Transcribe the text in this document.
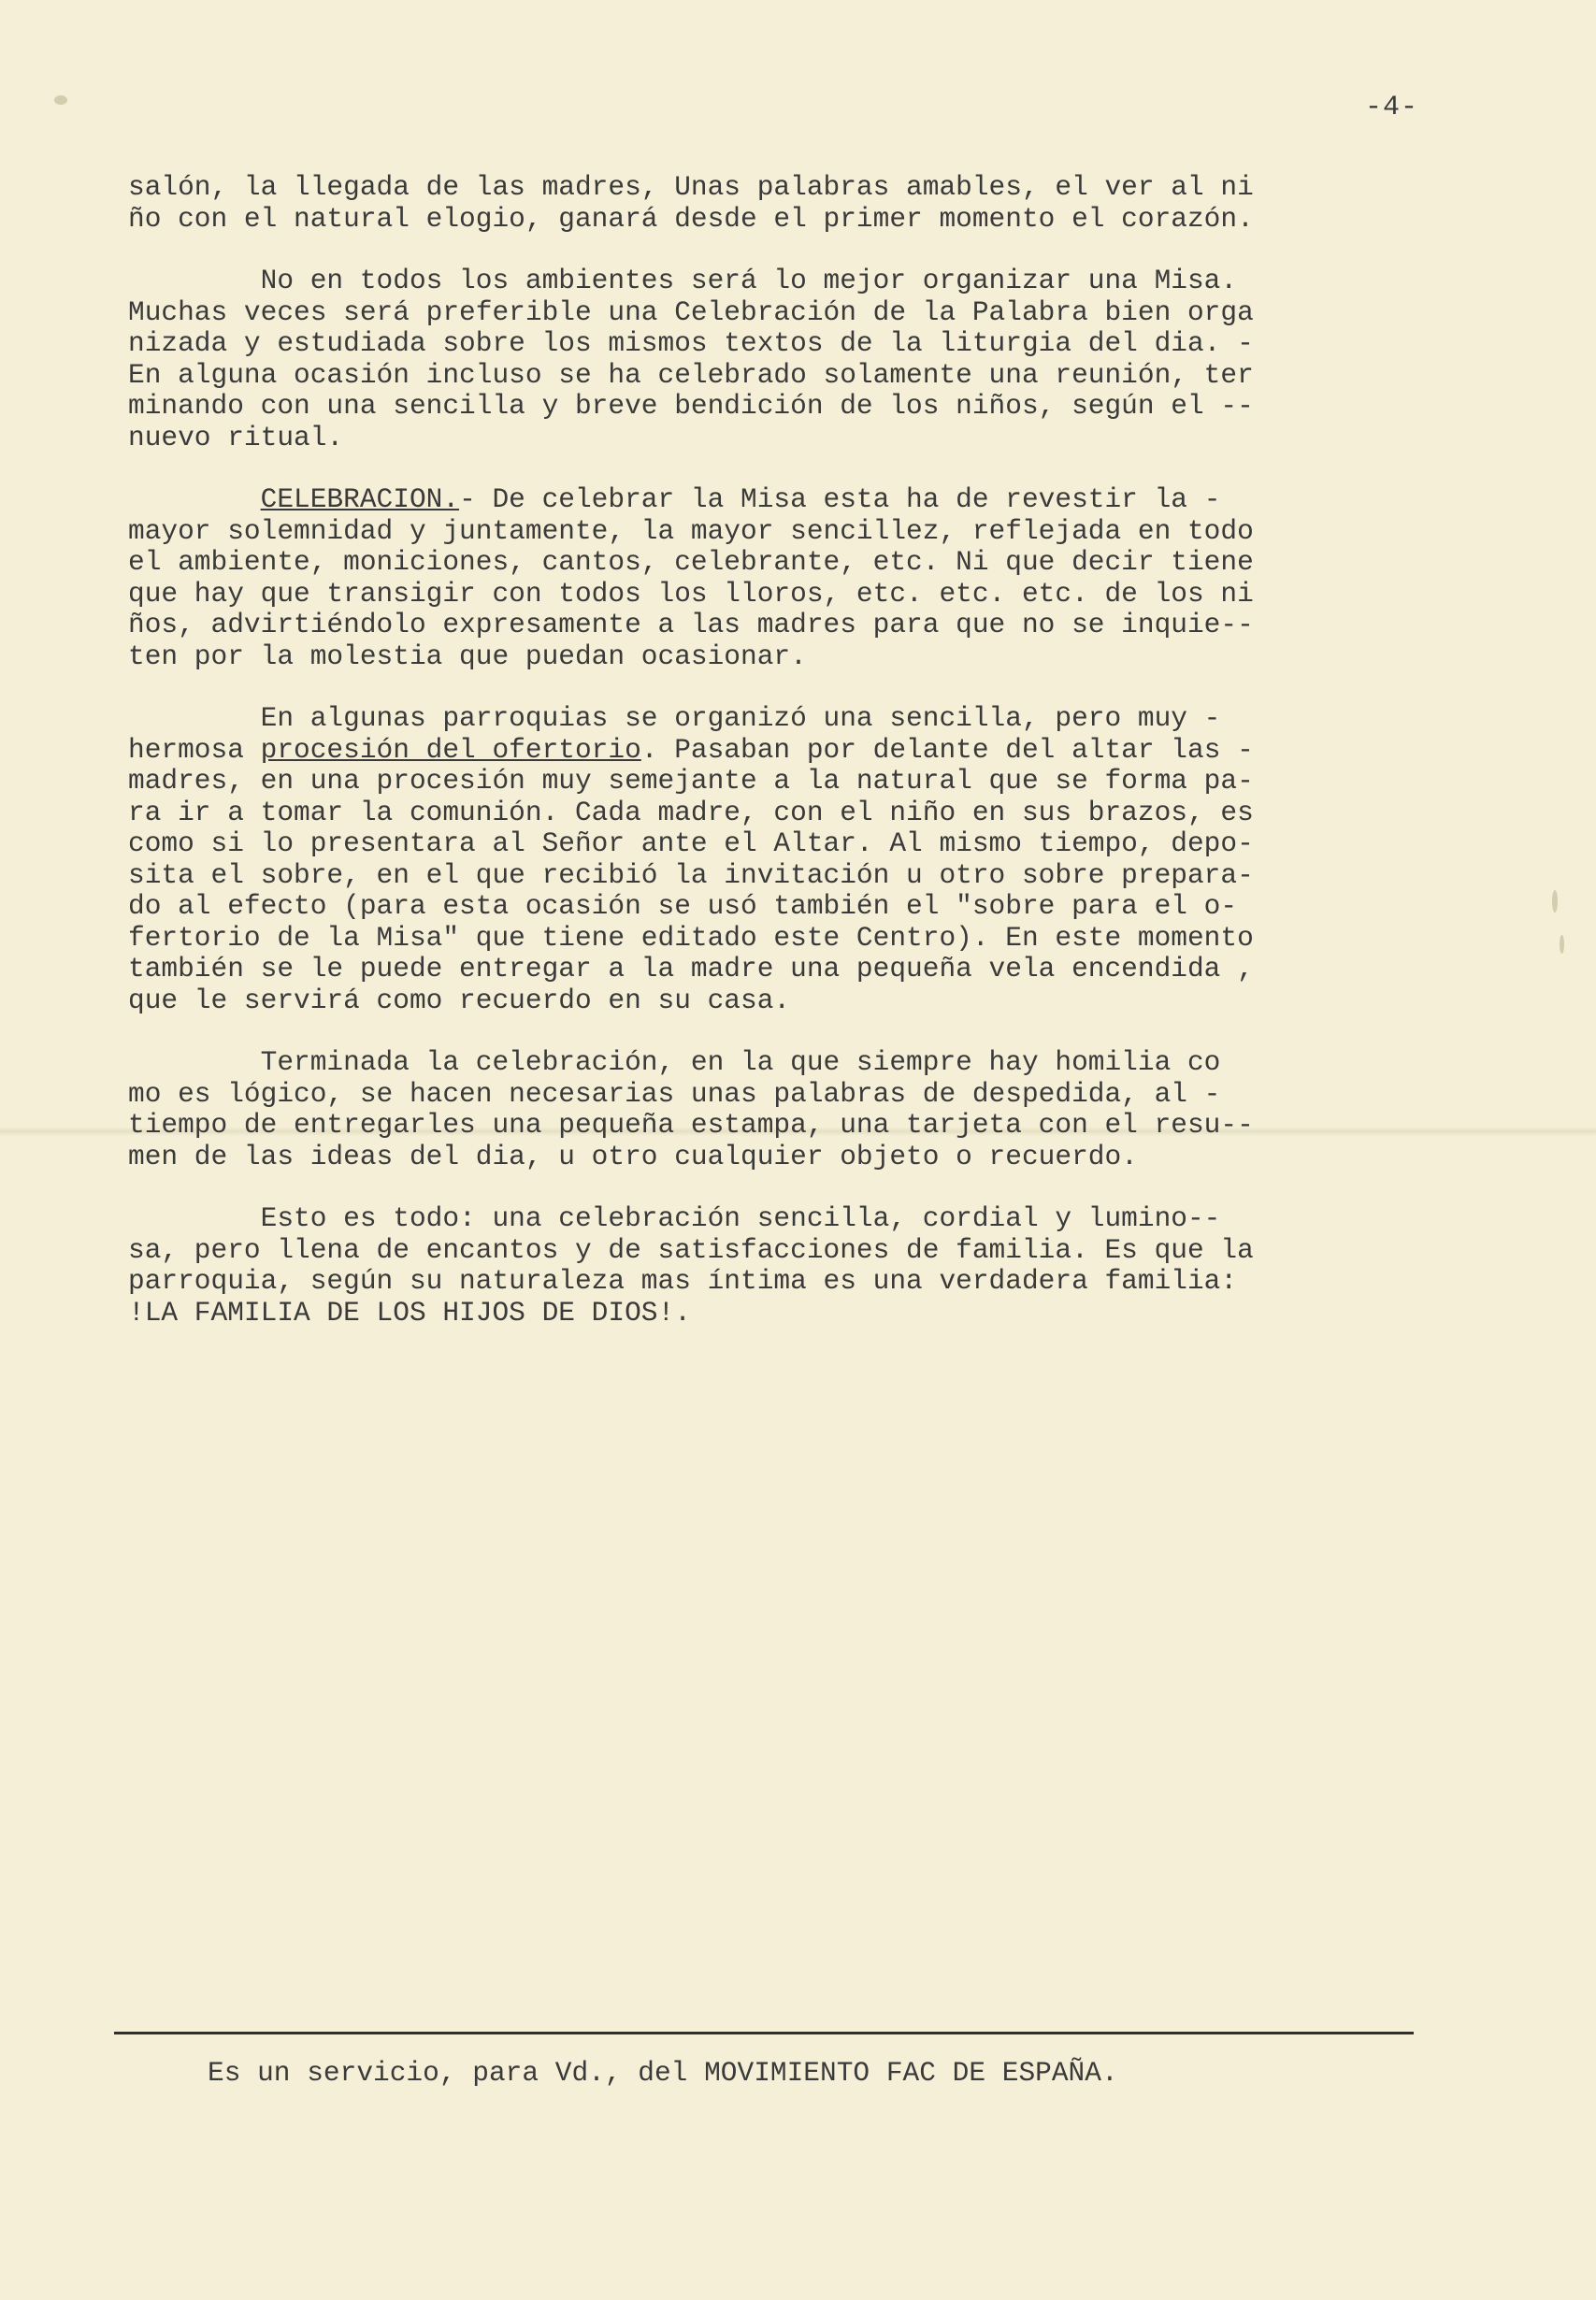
-4-
salón, la llegada de las madres, Unas palabras amables, el ver al ni
ño con el natural elogio, ganará desde el primer momento el corazón.
No en todos los ambientes será lo mejor organizar una Misa.
Muchas veces será preferible una Celebración de la Palabra bien orga
nizada y estudiada sobre los mismos textos de la liturgia del dia. -
En alguna ocasión incluso se ha celebrado solamente una reunión, ter
minando con una sencilla y breve bendición de los niños, según el --
nuevo ritual.
CELEBRACION.- De celebrar la Misa esta ha de revestir la -
mayor solemnidad y juntamente, la mayor sencillez, reflejada en todo
el ambiente, moniciones, cantos, celebrante, etc. Ni que decir tiene
que hay que transigir con todos los lloros, etc. etc. etc. de los ni
ños, advirtiéndolo expresamente a las madres para que no se inquie--
ten por la molestia que puedan ocasionar.
En algunas parroquias se organizó una sencilla, pero muy -
hermosa procesión del ofertorio. Pasaban por delante del altar las -
madres, en una procesión muy semejante a la natural que se forma pa-
ra ir a tomar la comunión. Cada madre, con el niño en sus brazos, es
como si lo presentara al Señor ante el Altar. Al mismo tiempo, depo-
sita el sobre, en el que recibió la invitación u otro sobre prepara-
do al efecto (para esta ocasión se usó también el "sobre para el o-
fertorio de la Misa" que tiene editado este Centro). En este momento
también se le puede entregar a la madre una pequeña vela encendida ,
que le servirá como recuerdo en su casa.
Terminada la celebración, en la que siempre hay homilia co
mo es lógico, se hacen necesarias unas palabras de despedida, al -
tiempo de entregarles una pequeña estampa, una tarjeta con el resu--
men de las ideas del dia, u otro cualquier objeto o recuerdo.
Esto es todo: una celebración sencilla, cordial y lumino--
sa, pero llena de encantos y de satisfacciones de familia. Es que la
parroquia, según su naturaleza mas íntima es una verdadera familia:
!LA FAMILIA DE LOS HIJOS DE DIOS!.
Es un servicio, para Vd., del MOVIMIENTO FAC DE ESPAÑA.
